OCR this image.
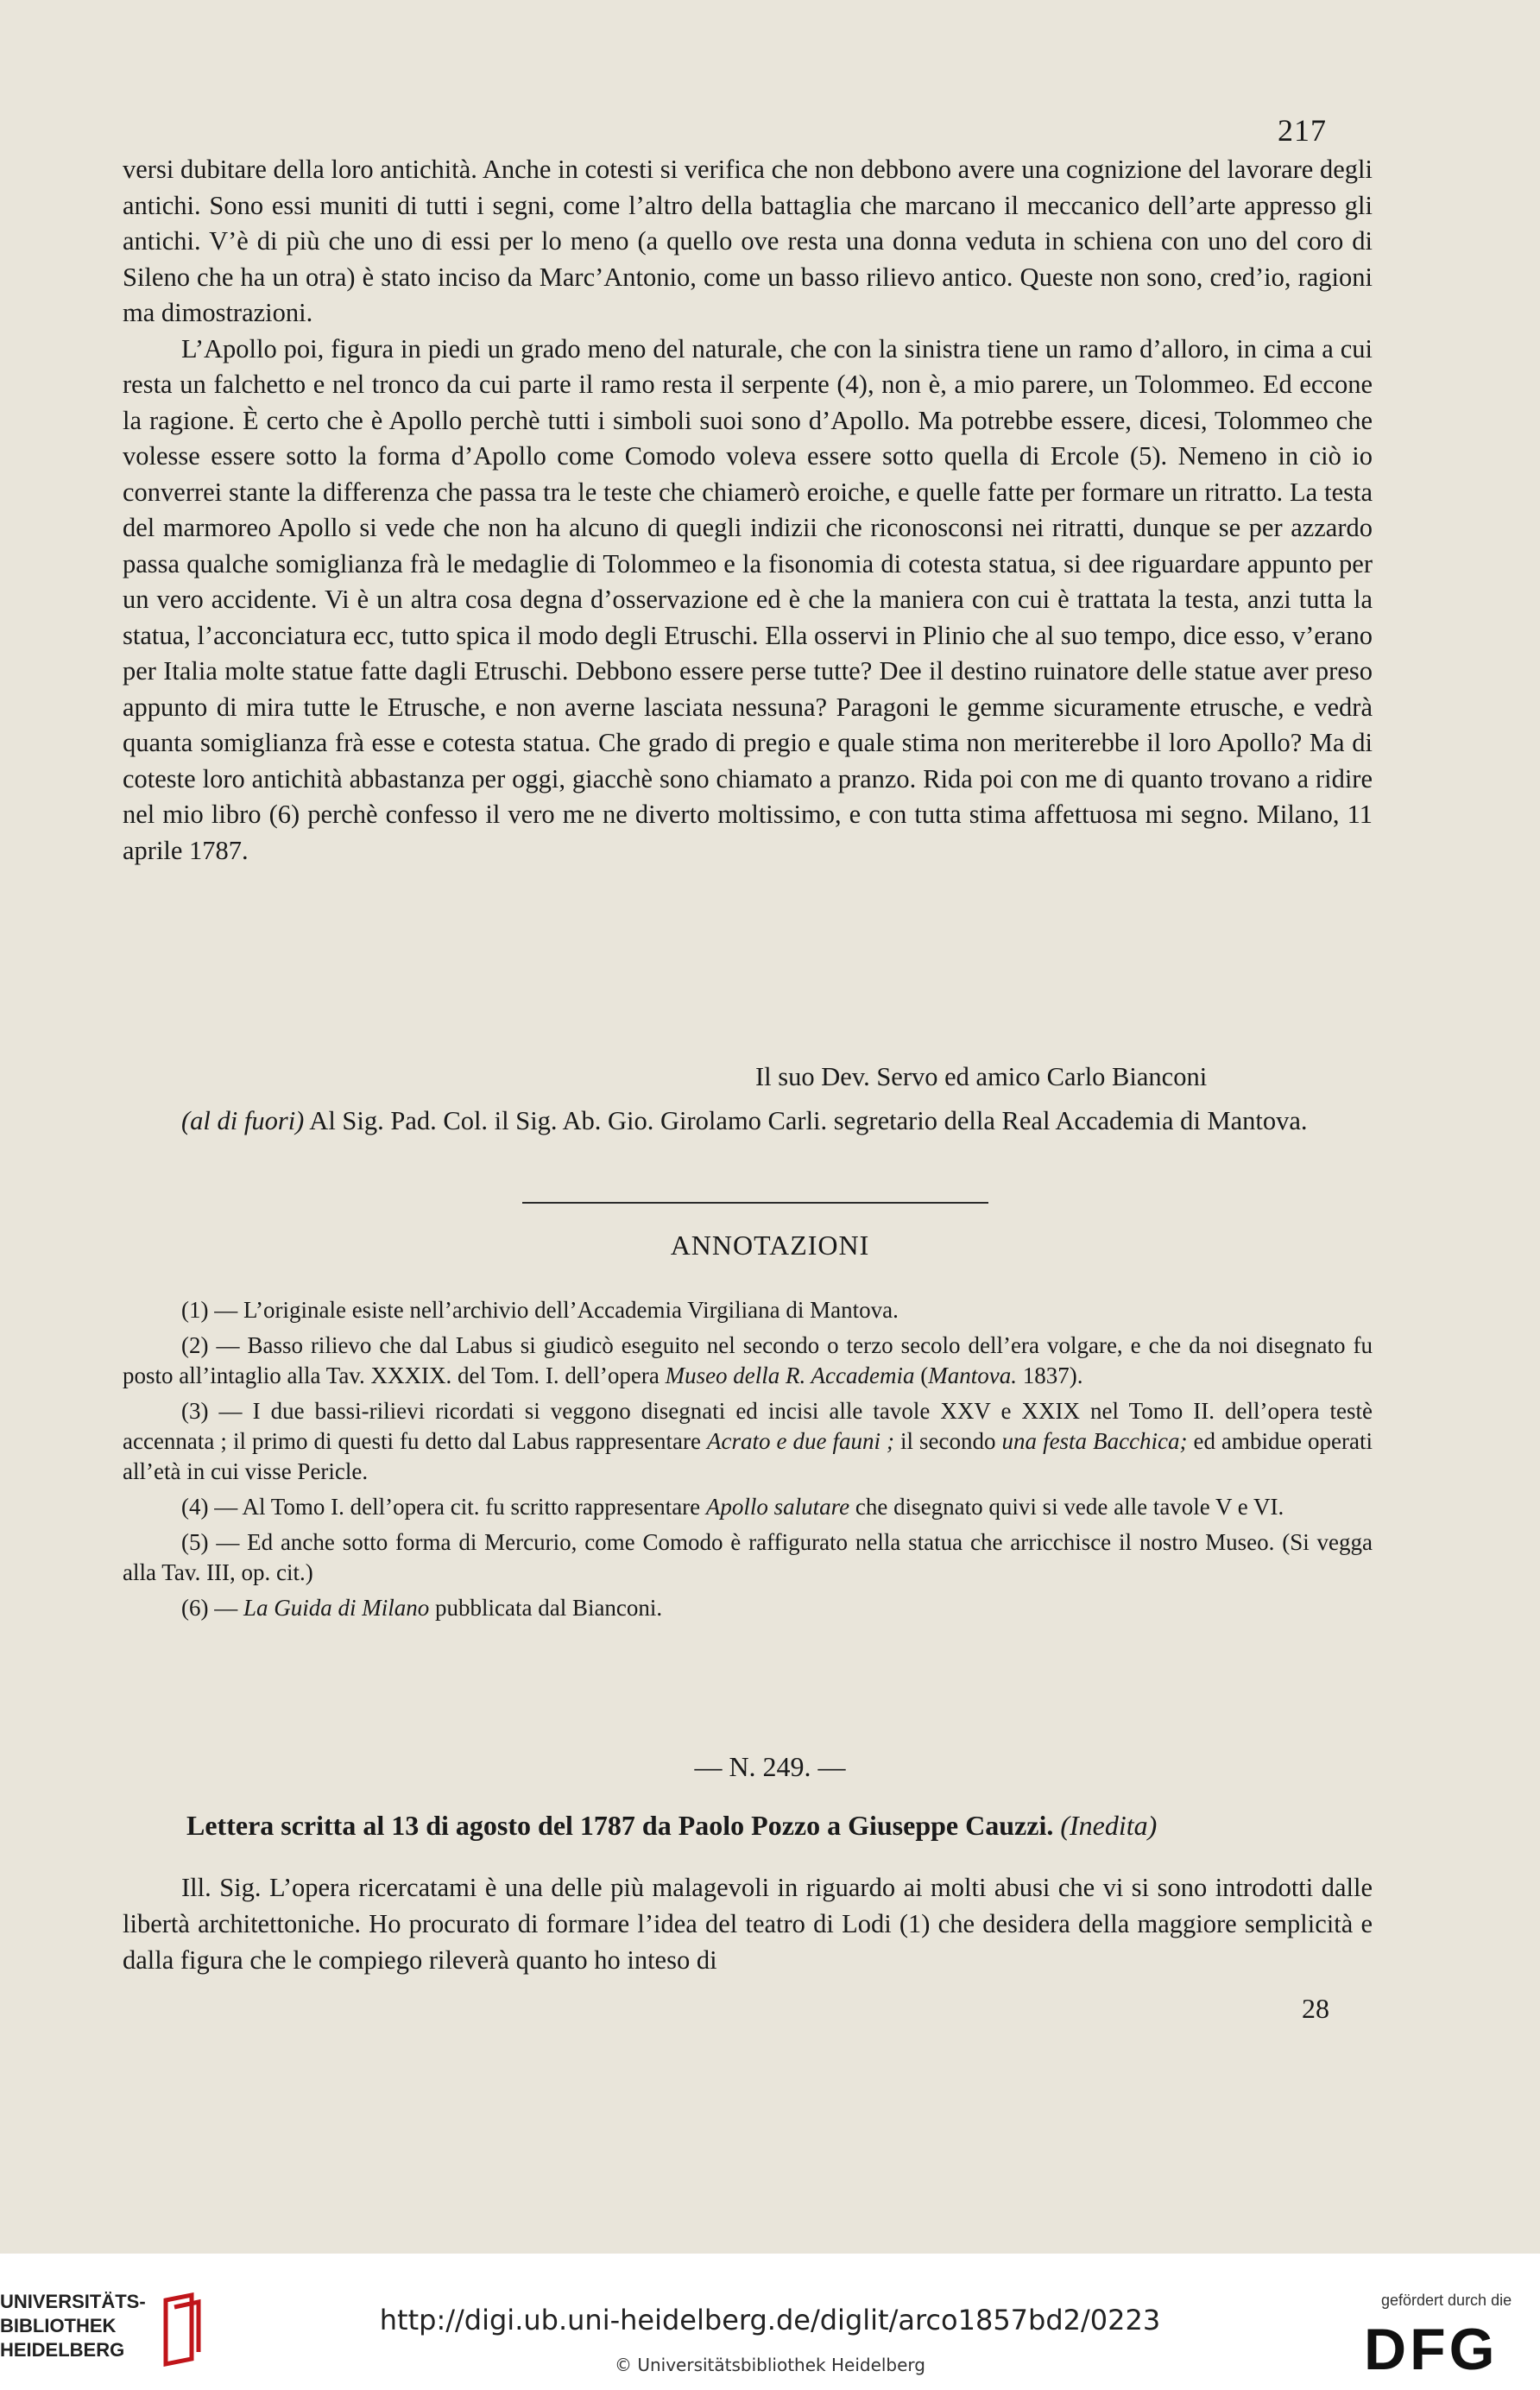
217

versi dubitare della loro antichità. Anche in cotesti si verifica che non debbono avere una cognizione del lavorare degli antichi. Sono essi muniti di tutti i segni, come l’altro della battaglia che marcano il meccanico dell’arte appresso gli antichi. V’è di più che uno di essi per lo meno (a quello ove resta una donna veduta in schiena con uno del coro di Sileno che ha un otra) è stato inciso da Marc’Antonio, come un basso rilievo antico. Queste non sono, cred’io, ragioni ma dimostrazioni.

L’Apollo poi, figura in piedi un grado meno del naturale, che con la sinistra tiene un ramo d’alloro, in cima a cui resta un falchetto e nel tronco da cui parte il ramo resta il serpente (4), non è, a mio parere, un Tolommeo. Ed eccone la ragione. È certo che è Apollo perchè tutti i simboli suoi sono d’Apollo. Ma potrebbe essere, dicesi, Tolommeo che volesse essere sotto la forma d’Apollo come Comodo voleva essere sotto quella di Ercole (5). Nemeno in ciò io converrei stante la differenza che passa tra le teste che chiamerò eroiche, e quelle fatte per formare un ritratto. La testa del marmoreo Apollo si vede che non ha alcuno di quegli indizii che riconosconsi nei ritratti, dunque se per azzardo passa qualche somiglianza frà le medaglie di Tolommeo e la fisonomia di cotesta statua, si dee riguardare appunto per un vero accidente. Vi è un altra cosa degna d’osservazione ed è che la maniera con cui è trattata la testa, anzi tutta la statua, l’acconciatura ecc, tutto spica il modo degli Etruschi. Ella osservi in Plinio che al suo tempo, dice esso, v’erano per Italia molte statue fatte dagli Etruschi. Debbono essere perse tutte? Dee il destino ruinatore delle statue aver preso appunto di mira tutte le Etrusche, e non averne lasciata nessuna? Paragoni le gemme sicuramente etrusche, e vedrà quanta somiglianza frà esse e cotesta statua. Che grado di pregio e quale stima non meriterebbe il loro Apollo? Ma di coteste loro antichità abbastanza per oggi, giacchè sono chiamato a pranzo. Rida poi con me di quanto trovano a ridire nel mio libro (6) perchè confesso il vero me ne diverto moltissimo, e con tutta stima affettuosa mi segno. Milano, 11 aprile 1787.

Il suo Dev. Servo ed amico Carlo Bianconi
(al di fuori) Al Sig. Pad. Col. il Sig. Ab. Gio. Girolamo Carli. segretario della Real Accademia di Mantova.
ANNOTAZIONI

(1) — L’originale esiste nell’archivio dell’Accademia Virgiliana di Mantova.

(2) — Basso rilievo che dal Labus si giudicò eseguito nel secondo o terzo secolo dell’era volgare, e che da noi disegnato fu posto all’intaglio alla Tav. XXXIX. del Tom. I. dell’opera Museo della R. Accademia (Mantova. 1837).

(3) — I due bassi-rilievi ricordati si veggono disegnati ed incisi alle tavole XXV e XXIX nel Tomo II. dell’opera testè accennata ; il primo di questi fu detto dal Labus rappresentare Acrato e due fauni ; il secondo una festa Bacchica; ed ambidue operati all’età in cui visse Pericle.

(4) — Al Tomo I. dell’opera cit. fu scritto rappresentare Apollo salutare che disegnato quivi si vede alle tavole V e VI.

(5) — Ed anche sotto forma di Mercurio, come Comodo è raffigurato nella statua che arricchisce il nostro Museo. (Si vegga alla Tav. III, op. cit.)

(6) — La Guida di Milano pubblicata dal Bianconi.

— N. 249. —
Lettera scritta al 13 di agosto del 1787 da Paolo Pozzo a Giuseppe Cauzzi. (Inedita)

Ill. Sig. L’opera ricercatami è una delle più malagevoli in riguardo ai molti abusi che vi si sono introdotti dalle libertà architettoniche. Ho procurato di formare l’idea del teatro di Lodi (1) che desidera della maggiore semplicità e dalla figura che le compiego rileverà quanto ho inteso di

28
UNIVERSITÄTS-
BIBLIOTHEK
HEIDELBERG
http://digi.ub.uni-heidelberg.de/diglit/arco1857bd2/0223
© Universitätsbibliothek Heidelberg
gefördert durch die
DFG
